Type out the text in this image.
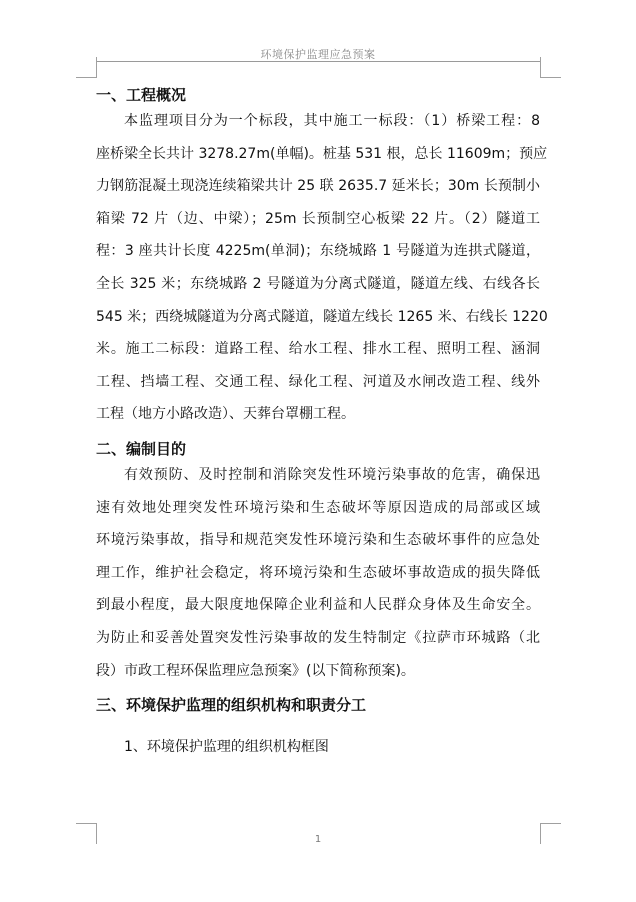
环境保护监理应急预案
一、工程概况
本监理项目分为一个标段，其中施工一标段：（1）桥梁工程：8
座桥梁全长共计 3278.27m(单幅)。桩基 531 根，总长 11609m；预应
力钢筋混凝土现浇连续箱梁共计 25 联 2635.7 延米长；30m 长预制小
箱梁 72 片（边、中梁）；25m 长预制空心板梁 22 片。（2）隧道工
程：3 座共计长度 4225m(单洞)；东绕城路 1 号隧道为连拱式隧道，
全长 325 米；东绕城路 2 号隧道为分离式隧道，隧道左线、右线各长
545 米；西绕城隧道为分离式隧道，隧道左线长 1265 米、右线长 1220
米。施工二标段：道路工程、给水工程、排水工程、照明工程、涵洞
工程、挡墙工程、交通工程、绿化工程、河道及水闸改造工程、线外
工程（地方小路改造）、天葬台罩棚工程。
二、编制目的
有效预防、及时控制和消除突发性环境污染事故的危害，确保迅
速有效地处理突发性环境污染和生态破坏等原因造成的局部或区域
环境污染事故，指导和规范突发性环境污染和生态破坏事件的应急处
理工作，维护社会稳定，将环境污染和生态破坏事故造成的损失降低
到最小程度，最大限度地保障企业利益和人民群众身体及生命安全。
为防止和妥善处置突发性污染事故的发生特制定《拉萨市环城路（北
段）市政工程环保监理应急预案》(以下简称预案)。
三、环境保护监理的组织机构和职责分工
1、环境保护监理的组织机构框图
1
